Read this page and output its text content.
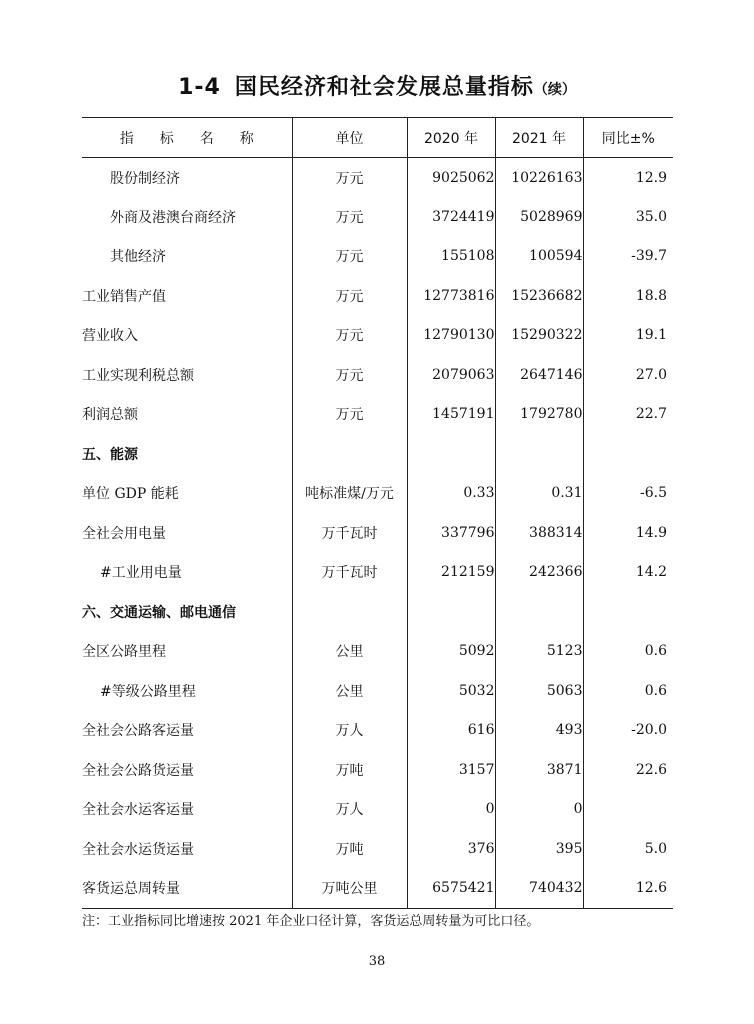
1-4 国民经济和社会发展总量指标（续）
指标名称	单位	2020 年	2021 年	同比±%
股份制经济	万元	9025062	10226163	12.9
外商及港澳台商经济	万元	3724419	5028969	35.0
其他经济	万元	155108	100594	-39.7
工业销售产值	万元	12773816	15236682	18.8
营业收入	万元	12790130	15290322	19.1
工业实现利税总额	万元	2079063	2647146	27.0
利润总额	万元	1457191	1792780	22.7
五、能源				
单位 GDP 能耗	吨标准煤/万元	0.33	0.31	-6.5
全社会用电量	万千瓦时	337796	388314	14.9
#工业用电量	万千瓦时	212159	242366	14.2
六、交通运输、邮电通信				
全区公路里程	公里	5092	5123	0.6
#等级公路里程	公里	5032	5063	0.6
全社会公路客运量	万人	616	493	-20.0
全社会公路货运量	万吨	3157	3871	22.6
全社会水运客运量	万人	0	0	
全社会水运货运量	万吨	376	395	5.0
客货运总周转量	万吨公里	6575421	740432	12.6
注：工业指标同比增速按 2021 年企业口径计算，客货运总周转量为可比口径。
38
